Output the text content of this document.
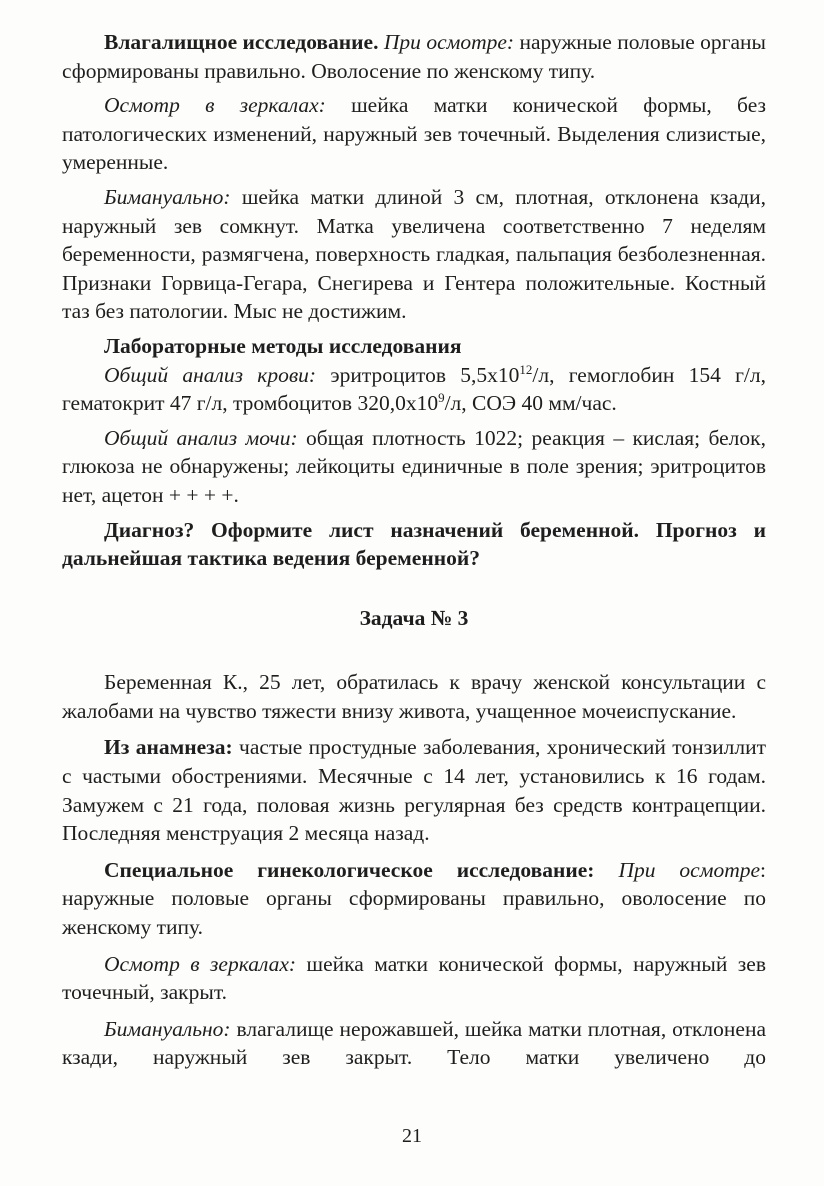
Влагалищное исследование. При осмотре: наружные половые органы сформированы правильно. Оволосение по женскому типу.

Осмотр в зеркалах: шейка матки конической формы, без патологических изменений, наружный зев точечный. Выделения слизистые, умеренные.

Бимануально: шейка матки длиной 3 см, плотная, отклонена кзади, наружный зев сомкнут. Матка увеличена соответственно 7 неделям беременности, размягчена, поверхность гладкая, пальпация безболезненная. Признаки Горвица-Гегара, Снегирева и Гентера положительные. Костный таз без патологии. Мыс не достижим.

Лабораторные методы исследования

Общий анализ крови: эритроцитов $5,5х10^{12}/л$, гемоглобин 154 г/л, гематокрит 47 г/л, тромбоцитов $320,0х10^9/л$, СОЭ 40 мм/час.

Общий анализ мочи: общая плотность 1022; реакция – кислая; белок, глюкоза не обнаружены; лейкоциты единичные в поле зрения; эритроцитов нет, ацетон + + + +.

Диагноз? Оформите лист назначений беременной. Прогноз и дальнейшая тактика ведения беременной?

Задача № 3

Беременная К., 25 лет, обратилась к врачу женской консультации с жалобами на чувство тяжести внизу живота, учащенное мочеиспускание.

Из анамнеза: частые простудные заболевания, хронический тонзиллит с частыми обострениями. Месячные с 14 лет, установились к 16 годам. Замужем с 21 года, половая жизнь регулярная без средств контрацепции. Последняя менструация 2 месяца назад.

Специальное гинекологическое исследование: При осмотре: наружные половые органы сформированы правильно, оволосение по женскому типу.

Осмотр в зеркалах: шейка матки конической формы, наружный зев точечный, закрыт.

Бимануально: влагалище нерожавшей, шейка матки плотная, отклонена кзади, наружный зев закрыт. Тело матки увеличено до

21
